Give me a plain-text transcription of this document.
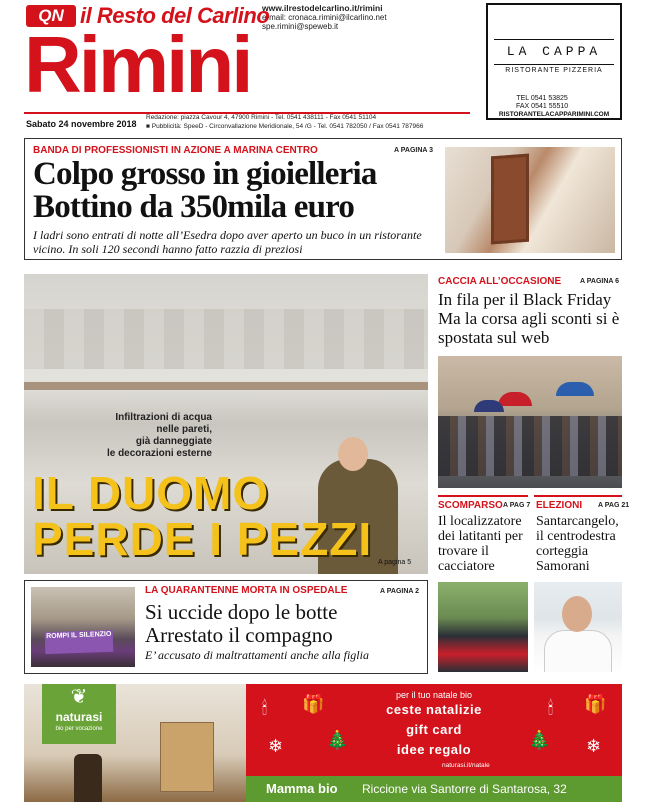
QN il Resto del Carlino
www.ilrestodelcarlino.it/rimini
e-mail: cronaca.rimini@ilcarlino.net
spe.rimini@speweb.it
Rimini
Sabato 24 novembre 2018
Redazione: piazza Cavour 4, 47900 Rimini - Tel. 0541 438111 - Fax 0541 51104
■ Pubblicità: SpeeD - Circonvallazione Meridionale, 54 /G - Tel. 0541 782050 / Fax 0541 787966
LA CAPPA
RISTORANTE PIZZERIA
TEL 0541 53825
FAX 0541 55510
RISTORANTELACAPPARIMINI.COM
BANDA DI PROFESSIONISTI IN AZIONE A MARINA CENTRO	A PAGINA 3
Colpo grosso in gioielleria
Bottino da 350mila euro
I ladri sono entrati di notte all’Esedra dopo aver aperto un buco in un ristorante vicino. In soli 120 secondi hanno fatto razzia di preziosi
Infiltrazioni di acqua
nelle pareti,
già danneggiate
le decorazioni esterne
IL DUOMO
PERDE I PEZZI A pagina 5
CACCIA ALL’OCCASIONE	A PAGINA 6
In fila per il Black Friday Ma la corsa agli sconti si è spostata sul web
SCOMPARSO A PAG 7
Il localizzatore dei latitanti per trovare il cacciatore
ELEZIONI A PAG 21
Santarcangelo, il centrodestra corteggia Samorani
ROMPI IL SILENZIO
LA QUARANTENNE MORTA IN OSPEDALE	A PAGINA 2
Si uccide dopo le botte
Arrestato il compagno
E’ accusato di maltrattamenti anche alla figlia
❦
naturasi
bio per vocazione
per il tuo natale bio
ceste natalizie
gift card
idee regalo
naturasi.it/natale
🕯 🎁
❄ 🎄
🕯 🎁
🎄 ❄
Mamma bio Riccione via Santorre di Santarosa, 32
